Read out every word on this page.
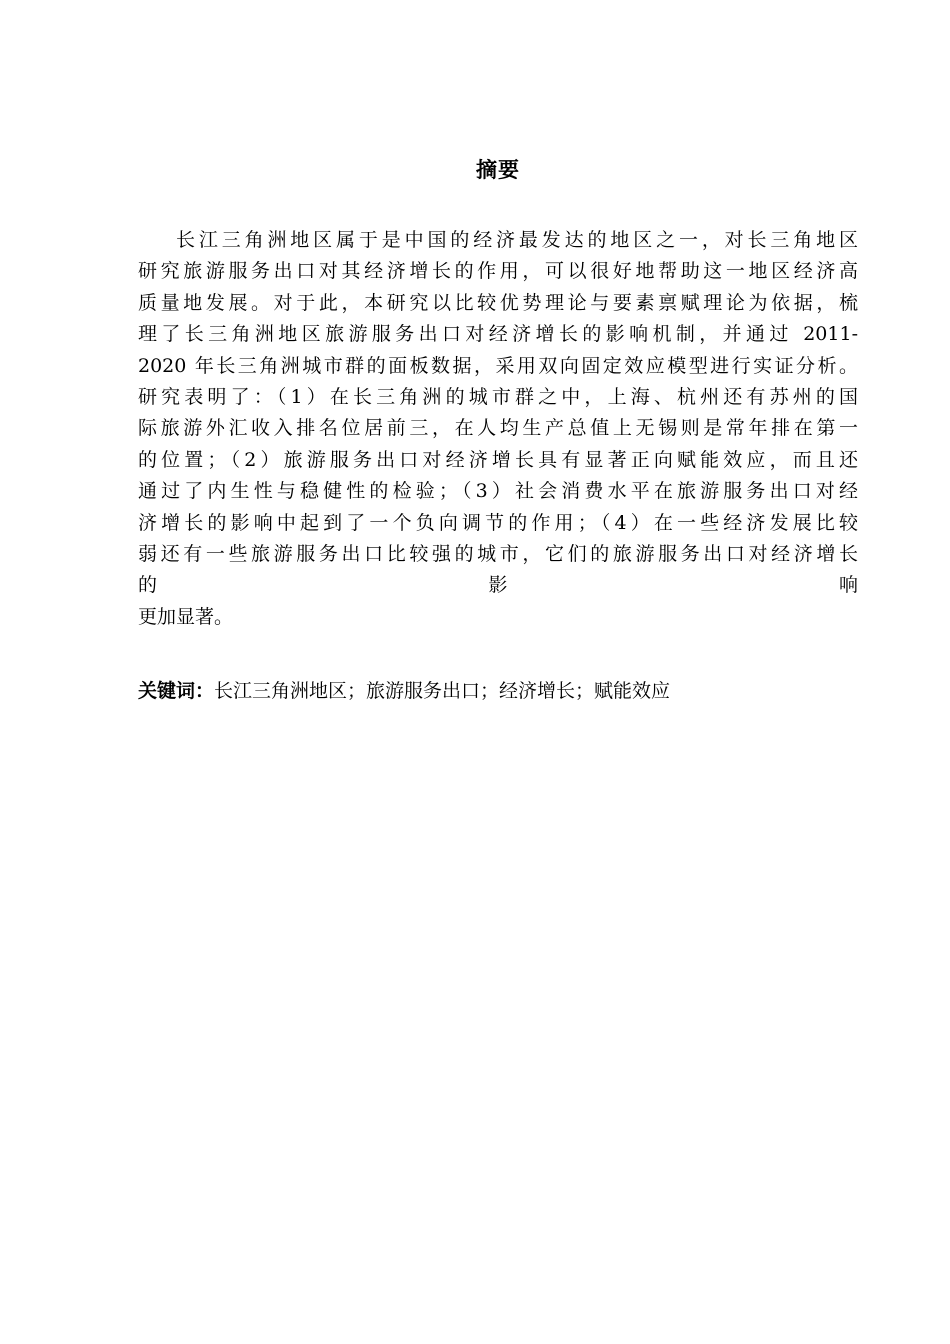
摘要
长江三角洲地区属于是中国的经济最发达的地区之一，对长三角地区
研究旅游服务出口对其经济增长的作用，可以很好地帮助这一地区经济高
质量地发展。对于此，本研究以比较优势理论与要素禀赋理论为依据，梳
理了长三角洲地区旅游服务出口对经济增长的影响机制，并通过 2011-
2020 年长三角洲城市群的面板数据，采用双向固定效应模型进行实证分析。
研究表明了：（1）在长三角洲的城市群之中，上海、杭州还有苏州的国
际旅游外汇收入排名位居前三，在人均生产总值上无锡则是常年排在第一
的位置；（2）旅游服务出口对经济增长具有显著正向赋能效应，而且还
通过了内生性与稳健性的检验；（3）社会消费水平在旅游服务出口对经
济增长的影响中起到了一个负向调节的作用；（4）在一些经济发展比较
弱还有一些旅游服务出口比较强的城市，它们的旅游服务出口对经济增长
的　　　　　　　　　　影　　　　　　　　　　响
更加显著。
关键词：长江三角洲地区；旅游服务出口；经济增长；赋能效应
